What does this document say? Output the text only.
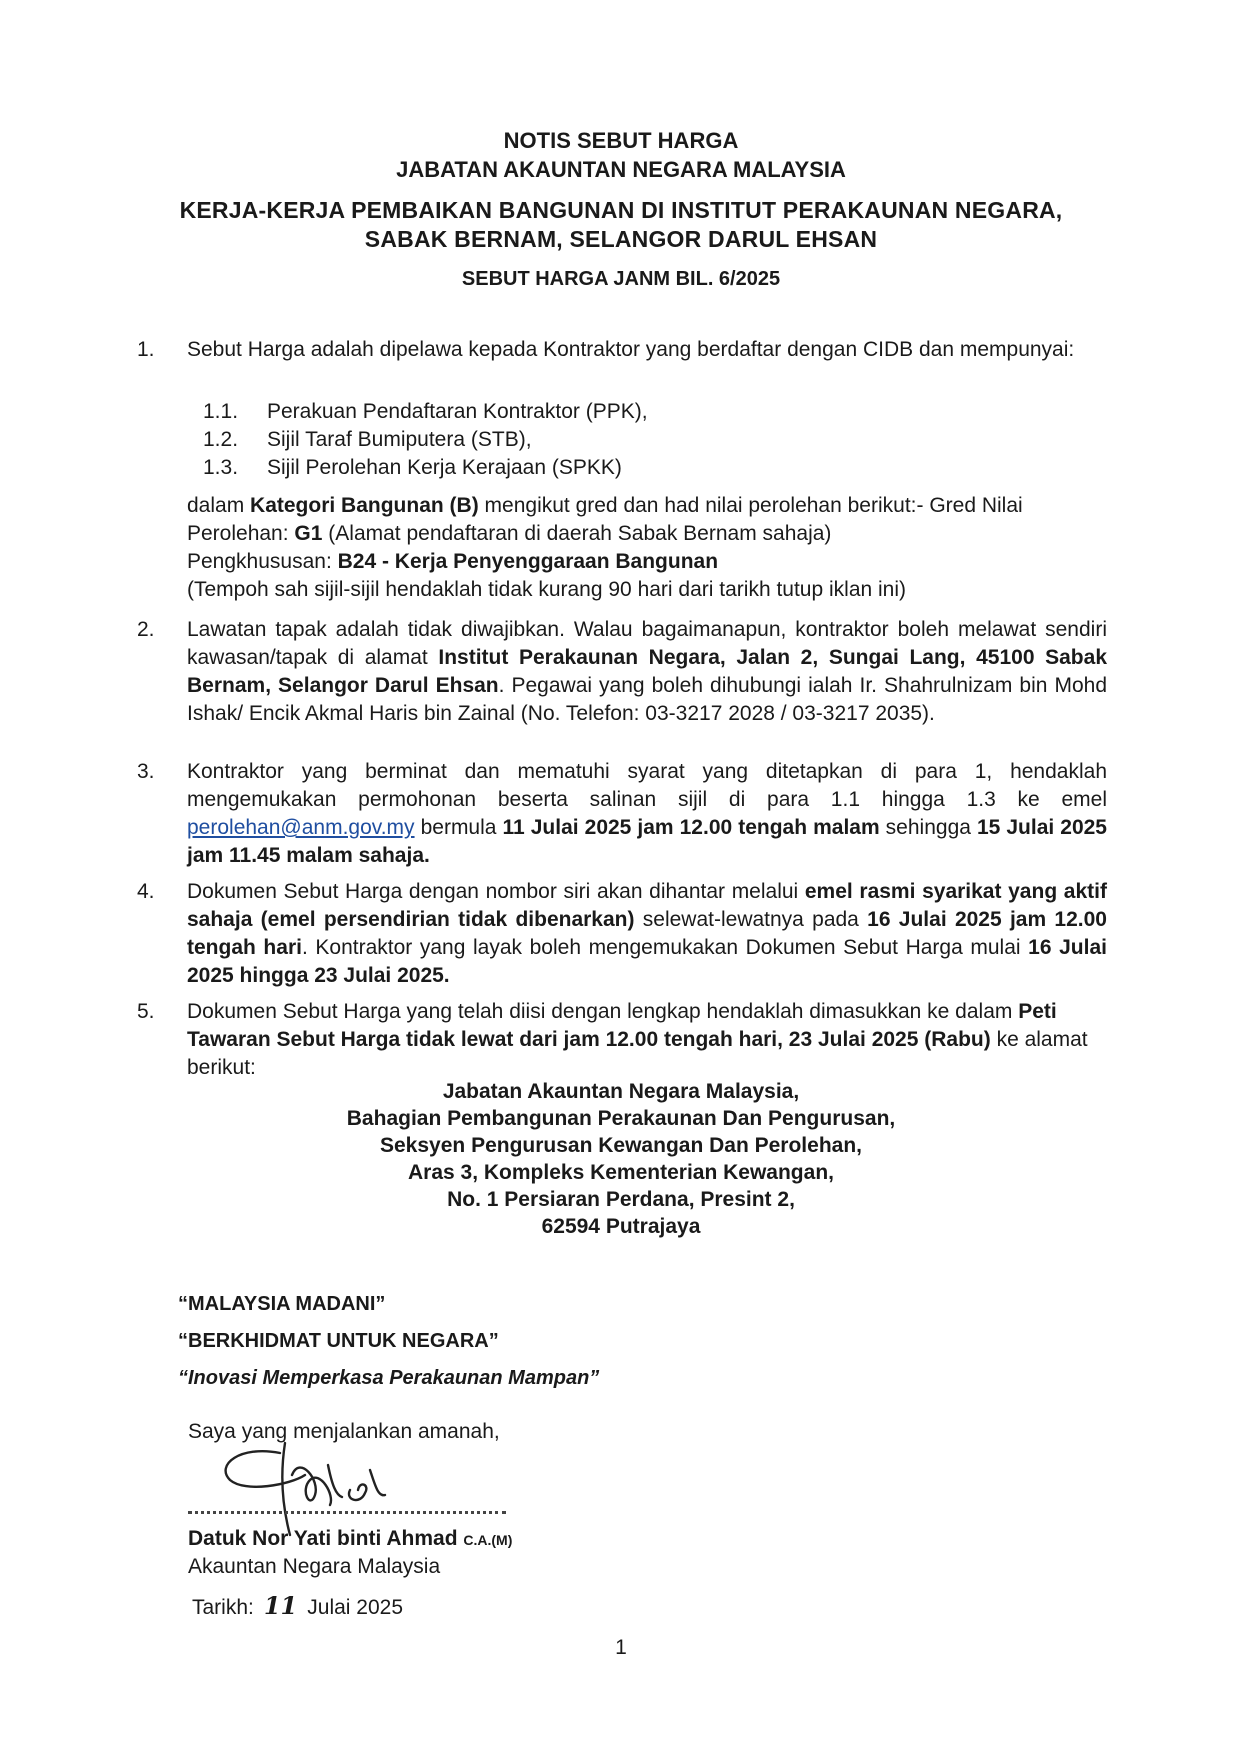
NOTIS SEBUT HARGA
JABATAN AKAUNTAN NEGARA MALAYSIA
KERJA-KERJA PEMBAIKAN BANGUNAN DI INSTITUT PERAKAUNAN NEGARA,
SABAK BERNAM, SELANGOR DARUL EHSAN
SEBUT HARGA JANM BIL. 6/2025
1.	Sebut Harga adalah dipelawa kepada Kontraktor yang berdaftar dengan CIDB dan mempunyai:
1.1. Perakuan Pendaftaran Kontraktor (PPK),
1.2. Sijil Taraf Bumiputera (STB),
1.3. Sijil Perolehan Kerja Kerajaan (SPKK)
dalam Kategori Bangunan (B) mengikut gred dan had nilai perolehan berikut:- Gred Nilai Perolehan: G1 (Alamat pendaftaran di daerah Sabak Bernam sahaja)
Pengkhususan: B24 - Kerja Penyenggaraan Bangunan
(Tempoh sah sijil-sijil hendaklah tidak kurang 90 hari dari tarikh tutup iklan ini)
2.	Lawatan tapak adalah tidak diwajibkan. Walau bagaimanapun, kontraktor boleh melawat sendiri kawasan/tapak di alamat Institut Perakaunan Negara, Jalan 2, Sungai Lang, 45100 Sabak Bernam, Selangor Darul Ehsan. Pegawai yang boleh dihubungi ialah Ir. Shahrulnizam bin Mohd Ishak/ Encik Akmal Haris bin Zainal (No. Telefon: 03-3217 2028 / 03-3217 2035).
3.	Kontraktor yang berminat dan mematuhi syarat yang ditetapkan di para 1, hendaklah mengemukakan permohonan beserta salinan sijil di para 1.1 hingga 1.3 ke emel perolehan@anm.gov.my bermula 11 Julai 2025 jam 12.00 tengah malam sehingga 15 Julai 2025 jam 11.45 malam sahaja.
4.	Dokumen Sebut Harga dengan nombor siri akan dihantar melalui emel rasmi syarikat yang aktif sahaja (emel persendirian tidak dibenarkan) selewat-lewatnya pada 16 Julai 2025 jam 12.00 tengah hari. Kontraktor yang layak boleh mengemukakan Dokumen Sebut Harga mulai 16 Julai 2025 hingga 23 Julai 2025.
5.	Dokumen Sebut Harga yang telah diisi dengan lengkap hendaklah dimasukkan ke dalam Peti Tawaran Sebut Harga tidak lewat dari jam 12.00 tengah hari, 23 Julai 2025 (Rabu) ke alamat berikut:
Jabatan Akauntan Negara Malaysia,
Bahagian Pembangunan Perakaunan Dan Pengurusan,
Seksyen Pengurusan Kewangan Dan Perolehan,
Aras 3, Kompleks Kementerian Kewangan,
No. 1 Persiaran Perdana, Presint 2,
62594 Putrajaya
“MALAYSIA MADANI”
“BERKHIDMAT UNTUK NEGARA”
“Inovasi Memperkasa Perakaunan Mampan”
Saya yang menjalankan amanah,
Datuk Nor Yati binti Ahmad C.A.(M)
Akauntan Negara Malaysia
Tarikh: 11 Julai 2025
1
